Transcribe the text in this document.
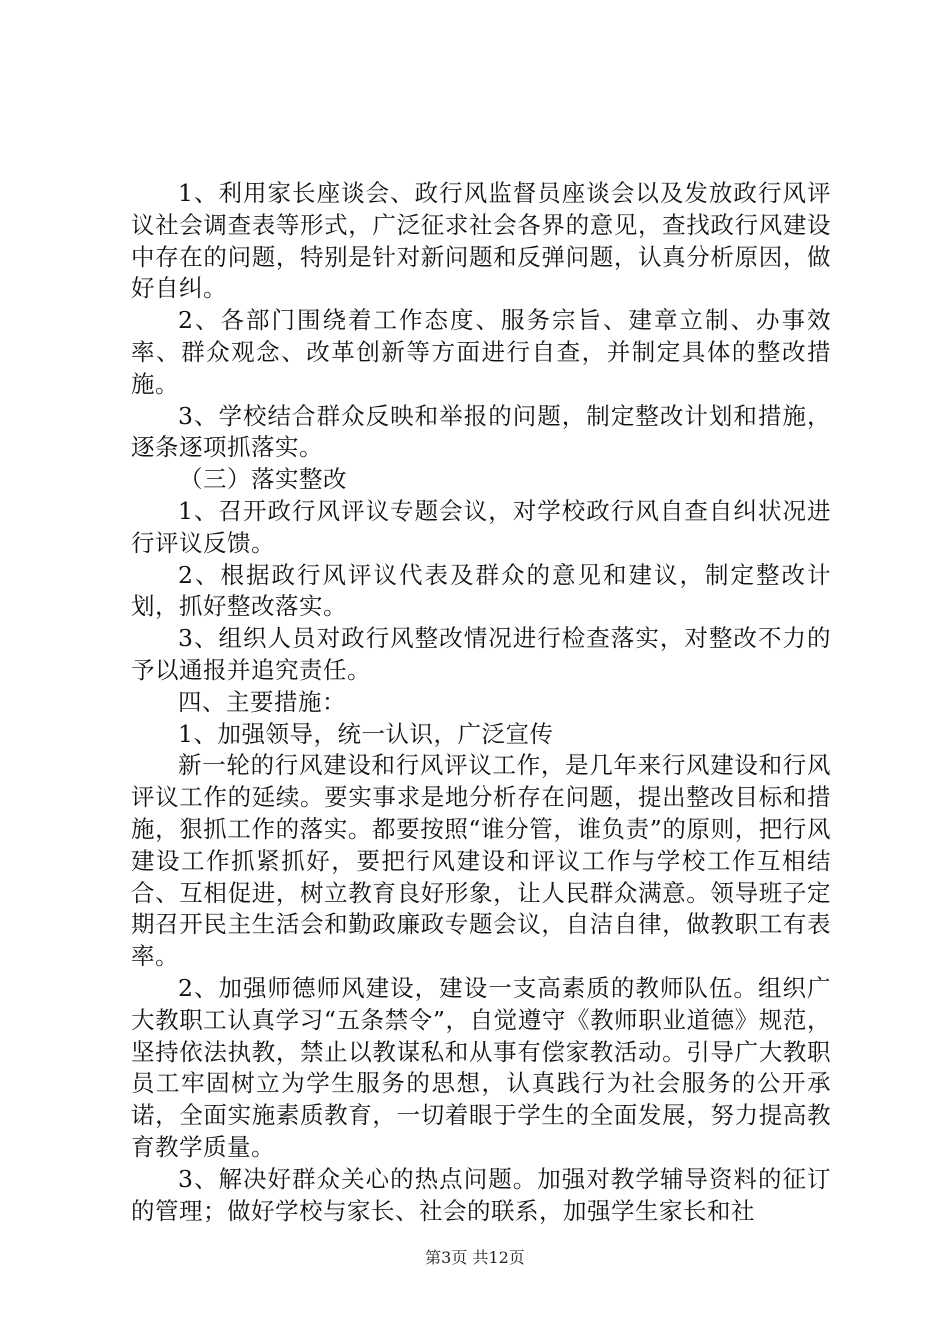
1、利用家长座谈会、政行风监督员座谈会以及发放政行风评议社会调查表等形式，广泛征求社会各界的意见，查找政行风建设中存在的问题，特别是针对新问题和反弹问题，认真分析原因，做好自纠。

2、各部门围绕着工作态度、服务宗旨、建章立制、办事效率、群众观念、改革创新等方面进行自查，并制定具体的整改措施。

3、学校结合群众反映和举报的问题，制定整改计划和措施，逐条逐项抓落实。

（三）落实整改

1、召开政行风评议专题会议，对学校政行风自查自纠状况进行评议反馈。

2、根据政行风评议代表及群众的意见和建议，制定整改计划，抓好整改落实。

3、组织人员对政行风整改情况进行检查落实，对整改不力的予以通报并追究责任。

四、主要措施：

1、加强领导，统一认识，广泛宣传

新一轮的行风建设和行风评议工作，是几年来行风建设和行风评议工作的延续。要实事求是地分析存在问题，提出整改目标和措施，狠抓工作的落实。都要按照“谁分管，谁负责”的原则，把行风建设工作抓紧抓好，要把行风建设和评议工作与学校工作互相结合、互相促进，树立教育良好形象，让人民群众满意。领导班子定期召开民主生活会和勤政廉政专题会议，自洁自律，做教职工有表率。

2、加强师德师风建设，建设一支高素质的教师队伍。组织广大教职工认真学习“五条禁令”，自觉遵守《教师职业道德》规范，坚持依法执教，禁止以教谋私和从事有偿家教活动。引导广大教职员工牢固树立为学生服务的思想，认真践行为社会服务的公开承诺，全面实施素质教育，一切着眼于学生的全面发展，努力提高教育教学质量。

3、解决好群众关心的热点问题。加强对教学辅导资料的征订的管理；做好学校与家长、社会的联系，加强学生家长和社

第3页 共12页
